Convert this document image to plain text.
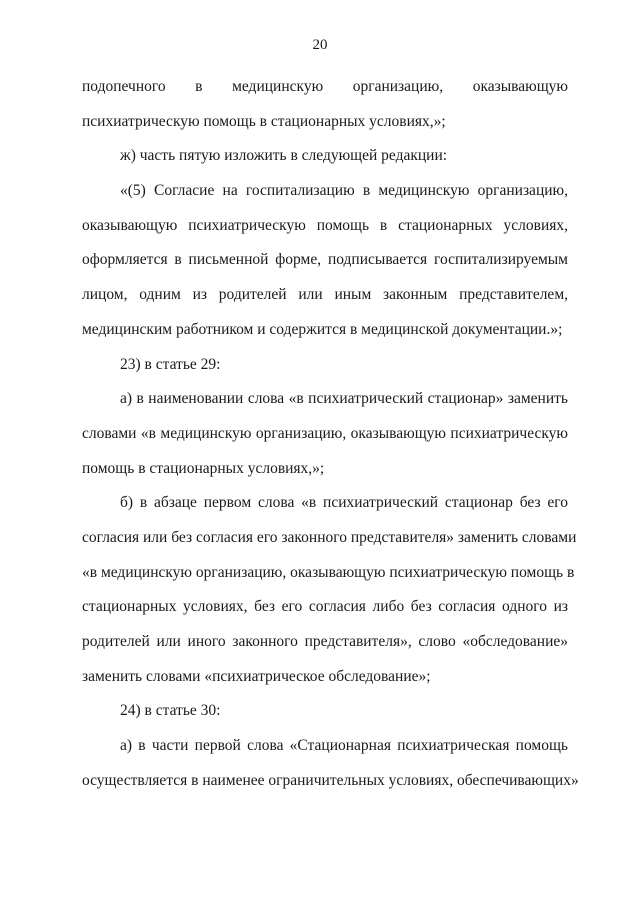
20
подопечного в медицинскую организацию, оказывающую
психиатрическую помощь в стационарных условиях,»;
ж) часть пятую изложить в следующей редакции:
«(5) Согласие на госпитализацию в медицинскую организацию,
оказывающую психиатрическую помощь в стационарных условиях,
оформляется в письменной форме, подписывается госпитализируемым
лицом, одним из родителей или иным законным представителем,
медицинским работником и содержится в медицинской документации.»;
23) в статье 29:
а) в наименовании слова «в психиатрический стационар» заменить
словами «в медицинскую организацию, оказывающую психиатрическую
помощь в стационарных условиях,»;
б) в абзаце первом слова «в психиатрический стационар без его
согласия или без согласия его законного представителя» заменить словами
«в медицинскую организацию, оказывающую психиатрическую помощь в
стационарных условиях, без его согласия либо без согласия одного из
родителей или иного законного представителя», слово «обследование»
заменить словами «психиатрическое обследование»;
24) в статье 30:
а) в части первой слова «Стационарная психиатрическая помощь
осуществляется в наименее ограничительных условиях, обеспечивающих»
